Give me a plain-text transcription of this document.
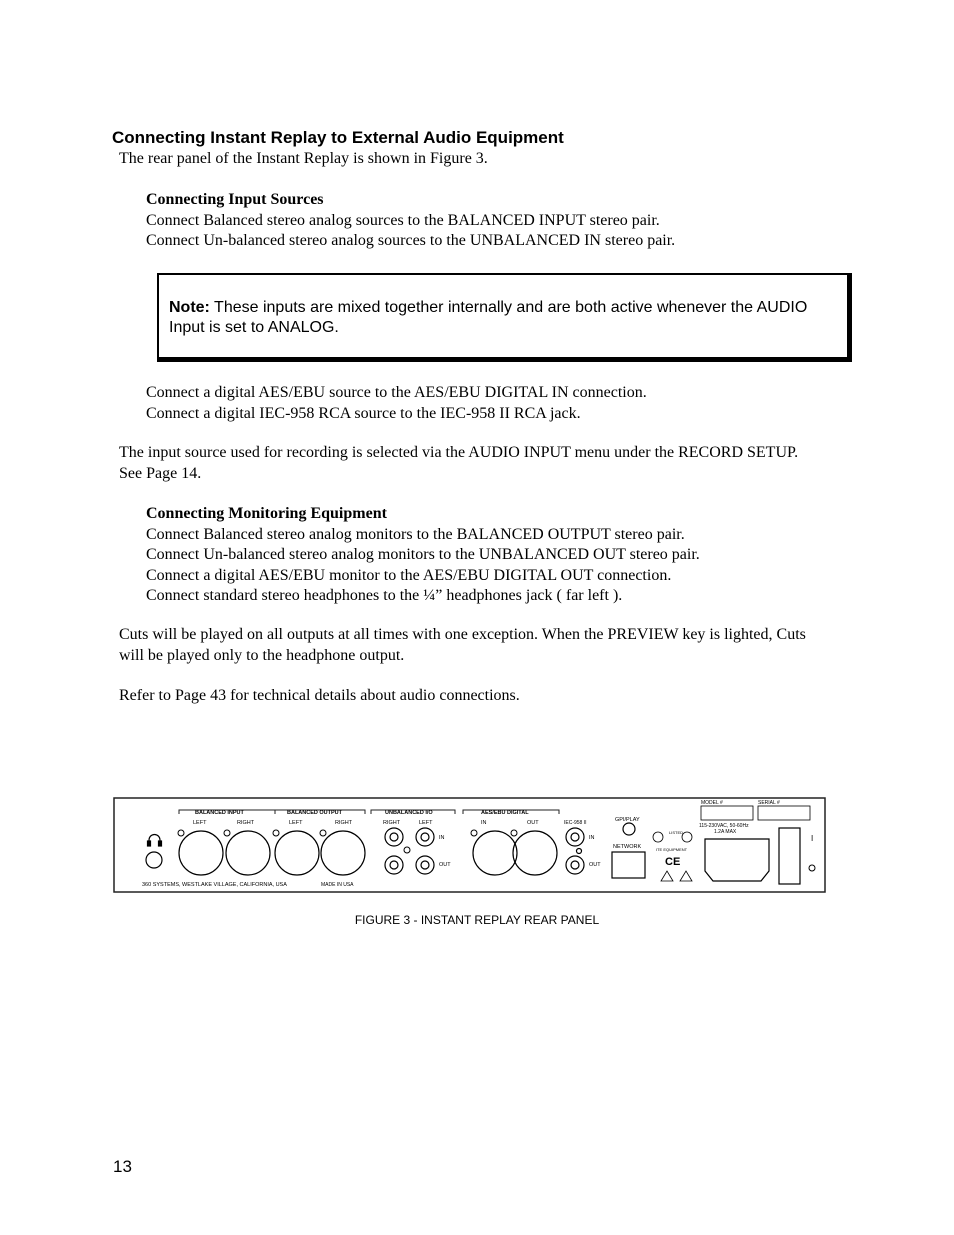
Connecting Instant Replay to External Audio Equipment

The rear panel of the Instant Replay is shown in Figure 3.

Connecting Input Sources

Connect Balanced stereo analog sources to the BALANCED INPUT stereo pair.

Connect Un-balanced stereo analog sources to the UNBALANCED IN stereo pair.

Note: These inputs are mixed together internally and are both active whenever the AUDIO Input is set to ANALOG.

Connect a digital AES/EBU source to the AES/EBU DIGITAL IN connection.

Connect a digital IEC-958 RCA source to the IEC-958 II RCA jack.

The input source used for recording is selected via the AUDIO INPUT menu under the RECORD SETUP. See Page 14.

Connecting Monitoring Equipment

Connect Balanced stereo analog monitors to the BALANCED OUTPUT stereo pair.

Connect Un-balanced stereo analog monitors to the UNBALANCED OUT stereo pair.

Connect a digital AES/EBU monitor to the AES/EBU DIGITAL OUT connection.

Connect standard stereo headphones to the ¼” headphones jack ( far left ).

Cuts will be played on all outputs at all times with one exception. When the PREVIEW key is lighted, Cuts will be played only to the headphone output.

Refer to Page 43 for technical details about audio connections.

BALANCED INPUT	BALANCED OUTPUT	UNBALANCED I/O	AES/EBU DIGITAL
LEFT	RIGHT	LEFT	RIGHT	RIGHT	LEFT	IN	OUT	IEC-958 II
IN
OUT
IN
OUT
GPI/PLAY
NETWORK
MODEL #	SERIAL #
115-230VAC, 50-60Hz
1.2A MAX
LISTED
ITE EQUIPMENT
CE
I
360 SYSTEMS, WESTLAKE VILLAGE, CALIFORNIA, USA	MADE IN USA
FIGURE 3 - INSTANT REPLAY REAR PANEL
13
